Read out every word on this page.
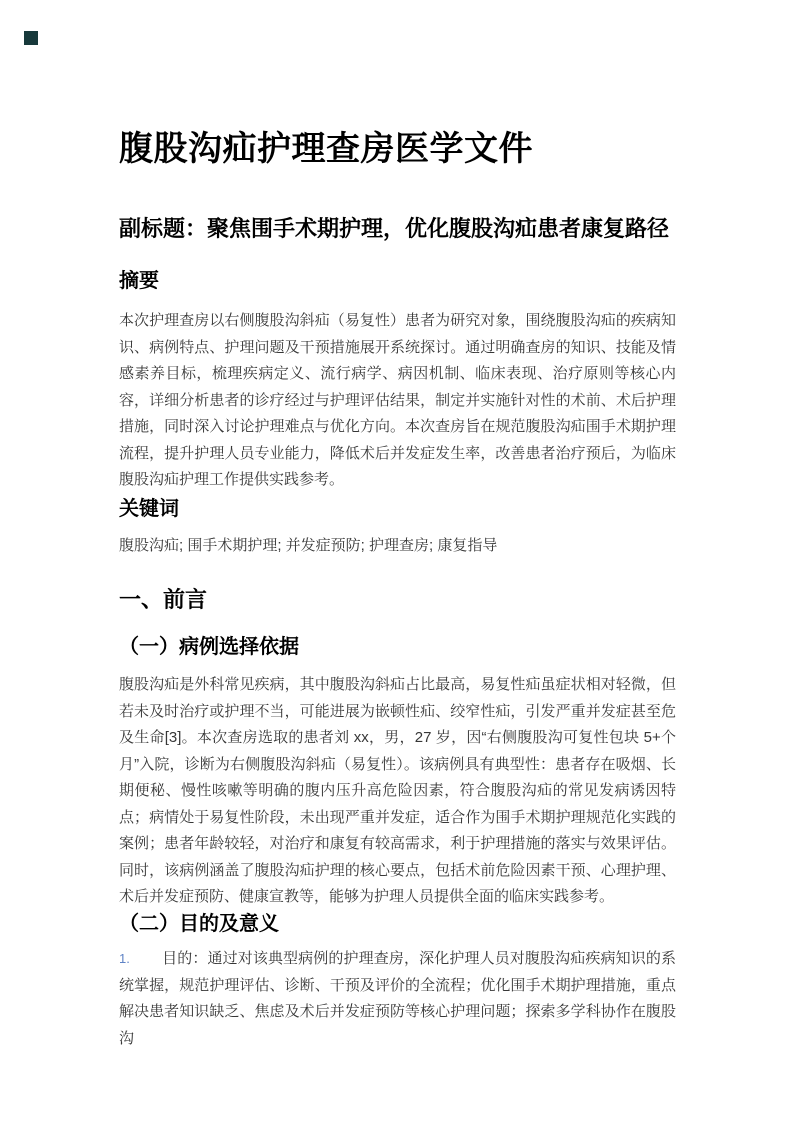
腹股沟疝护理查房医学文件
副标题：聚焦围手术期护理，优化腹股沟疝患者康复路径
摘要

本次护理查房以右侧腹股沟斜疝（易复性）患者为研究对象，围绕腹股沟疝的疾病知识、病例特点、护理问题及干预措施展开系统探讨。通过明确查房的知识、技能及情感素养目标，梳理疾病定义、流行病学、病因机制、临床表现、治疗原则等核心内容，详细分析患者的诊疗经过与护理评估结果，制定并实施针对性的术前、术后护理措施，同时深入讨论护理难点与优化方向。本次查房旨在规范腹股沟疝围手术期护理流程，提升护理人员专业能力，降低术后并发症发生率，改善患者治疗预后，为临床腹股沟疝护理工作提供实践参考。

关键词

腹股沟疝; 围手术期护理; 并发症预防; 护理查房; 康复指导

一、前言
（一）病例选择依据

腹股沟疝是外科常见疾病，其中腹股沟斜疝占比最高，易复性疝虽症状相对轻微，但若未及时治疗或护理不当，可能进展为嵌顿性疝、绞窄性疝，引发严重并发症甚至危及生命[3]。本次查房选取的患者刘 xx，男，27 岁，因“右侧腹股沟可复性包块 5+个月”入院，诊断为右侧腹股沟斜疝（易复性）。该病例具有典型性：患者存在吸烟、长期便秘、慢性咳嗽等明确的腹内压升高危险因素，符合腹股沟疝的常见发病诱因特点；病情处于易复性阶段，未出现严重并发症，适合作为围手术期护理规范化实践的案例；患者年龄较轻，对治疗和康复有较高需求，利于护理措施的落实与效果评估。同时，该病例涵盖了腹股沟疝护理的核心要点，包括术前危险因素干预、心理护理、术后并发症预防、健康宣教等，能够为护理人员提供全面的临床实践参考。

（二）目的及意义

1. 目的：通过对该典型病例的护理查房，深化护理人员对腹股沟疝疾病知识的系统掌握，规范护理评估、诊断、干预及评价的全流程；优化围手术期护理措施，重点解决患者知识缺乏、焦虑及术后并发症预防等核心护理问题；探索多学科协作在腹股沟
